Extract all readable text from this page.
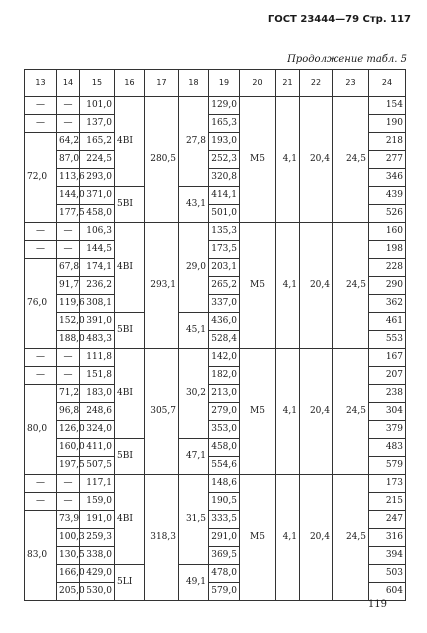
ГОСТ 23444—79 Стр. 117
Продолжение табл. 5
13	14	15	16	17	18	19	20	21	22	23	24
—	—	101,0	4BI	280,5	27,8	129,0	М5	4,1	20,4	24,5	154
—	—	137,0				165,3					190
72,0	64,2	165,2				193,0					218
	87,0	224,5				252,3					277
	113,6	293,0				320,8					346
	144,0	371,0	5BI		43,1	414,1					439
	177,5	458,0				501,0					526
—	—	106,3	4BI	293,1	29,0	135,3	М5	4,1	20,4	24,5	160
—	—	144,5				173,5					198
76,0	67,8	174,1				203,1					228
	91,7	236,2				265,2					290
	119,6	308,1				337,0					362
	152,0	391,0	5BI		45,1	436,0					461
	188,0	483,3				528,4					553
—	—	111,8	4BI	305,7	30,2	142,0	М5	4,1	20,4	24,5	167
—	—	151,8				182,0					207
80,0	71,2	183,0				213,0					238
	96,8	248,6				279,0					304
	126,0	324,0				353,0					379
	160,0	411,0	5BI		47,1	458,0					483
	197,5	507,5				554,6					579
—	—	117,1	4BI	318,3	31,5	148,6	М5	4,1	20,4	24,5	173
—	—	159,0				190,5					215
83,0	73,9	191,0				333,5					247
	100,3	259,3				291,0					316
	130,5	338,0				369,5					394
	166,0	429,0	5LI		49,1	478,0					503
	205,0	530,0				579,0					604
119
